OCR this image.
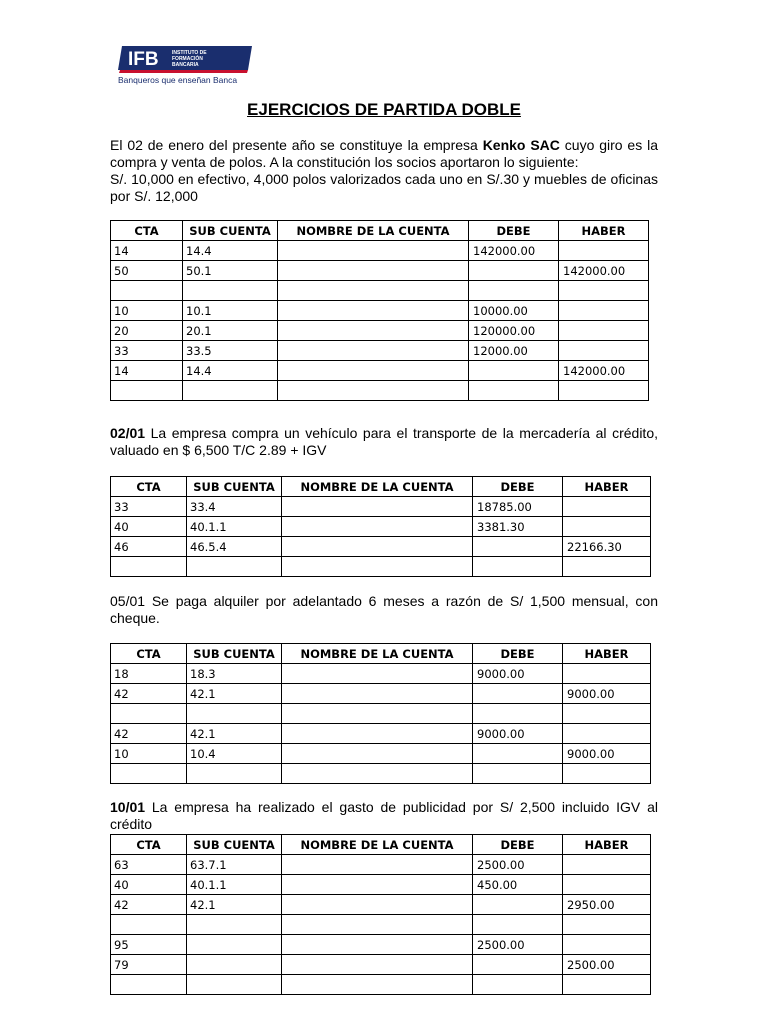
IFB	INSTITUTO DE
FORMACIÓN
BANCARIA
Banqueros que enseñan Banca
EJERCICIOS DE PARTIDA DOBLE

El 02 de enero del presente año se constituye la empresa Kenko SAC cuyo giro es la compra y venta de polos. A la constitución los socios aportaron lo siguiente:

S/. 10,000 en efectivo, 4,000 polos valorizados cada uno en S/.30 y muebles de oficinas por S/. 12,000

CTA	SUB CUENTA	NOMBRE DE LA CUENTA	DEBE	HABER
14	14.4		142000.00	
50	50.1			142000.00

10	10.1		10000.00	
20	20.1		120000.00	
33	33.5		12000.00	
14	14.4			142000.00

02/01 La empresa compra un vehículo para el transporte de la mercadería al crédito, valuado en $ 6,500 T/C 2.89 + IGV

CTA	SUB CUENTA	NOMBRE DE LA CUENTA	DEBE	HABER
33	33.4		18785.00	
40	40.1.1		3381.30	
46	46.5.4			22166.30

05/01 Se paga alquiler por adelantado 6 meses a razón de S/ 1,500 mensual, con cheque.

CTA	SUB CUENTA	NOMBRE DE LA CUENTA	DEBE	HABER
18	18.3		9000.00	
42	42.1			9000.00

42	42.1		9000.00	
10	10.4			9000.00

10/01 La empresa ha realizado el gasto de publicidad por S/ 2,500 incluido IGV al crédito

CTA	SUB CUENTA	NOMBRE DE LA CUENTA	DEBE	HABER
63	63.7.1		2500.00	
40	40.1.1		450.00	
42	42.1			2950.00

95			2500.00	
79				2500.00
